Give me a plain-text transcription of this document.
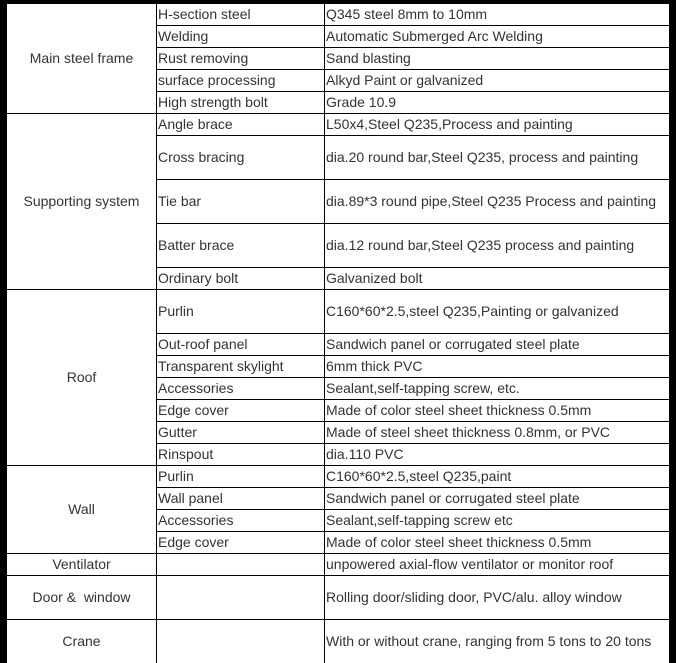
Main steel frame	H-section steel	Q345 steel 8mm to 10mm
	Welding	Automatic Submerged Arc Welding
	Rust removing	Sand blasting
	surface processing	Alkyd Paint or galvanized
	High strength bolt	Grade 10.9
Supporting system	Angle brace	L50x4,Steel Q235,Process and painting
	Cross bracing	dia.20 round bar,Steel Q235, process and painting
	Tie bar	dia.89*3 round pipe,Steel Q235 Process and painting
	Batter brace	dia.12 round bar,Steel Q235 process and painting
	Ordinary bolt	Galvanized bolt
Roof	Purlin	C160*60*2.5,steel Q235,Painting or galvanized
	Out-roof panel	Sandwich panel or corrugated steel plate
	Transparent skylight	6mm thick PVC
	Accessories	Sealant,self-tapping screw, etc.
	Edge cover	Made of color steel sheet thickness 0.5mm
	Gutter	Made of steel sheet thickness 0.8mm, or PVC
	Rinspout	dia.110 PVC
Wall	Purlin	C160*60*2.5,steel Q235,paint
	Wall panel	Sandwich panel or corrugated steel plate
	Accessories	Sealant,self-tapping screw etc
	Edge cover	Made of color steel sheet thickness 0.5mm
Ventilator		unpowered axial-flow ventilator or monitor roof
Door &  window		Rolling door/sliding door, PVC/alu. alloy window
Crane		With or without crane, ranging from 5 tons to 20 tons
